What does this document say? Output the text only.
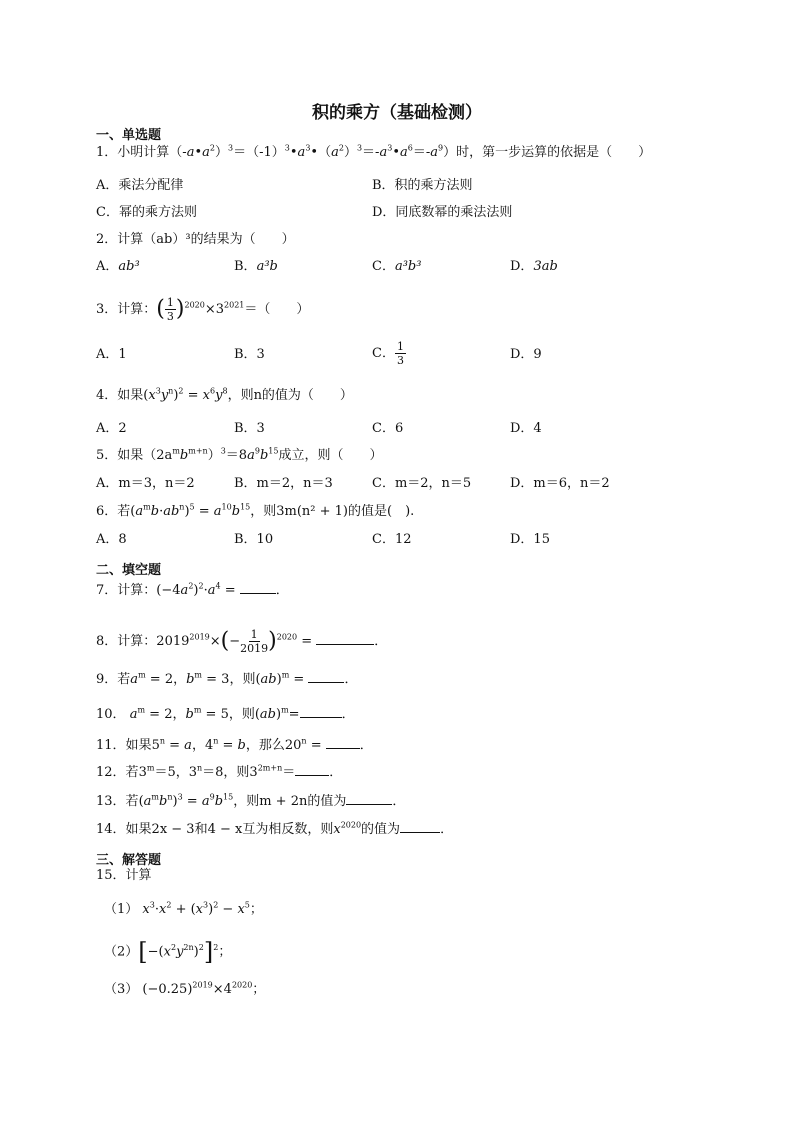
积的乘方（基础检测）
一、单选题
1．小明计算$(-a•a^2)^3=(-1)^3•a^3•(a^2)^3=-a^3•a^6=-a^9$）时，第一步运算的依据是（　　）
A．乘法分配律	B．积的乘方法则
C．幂的乘方法则	D．同底数幂的乘法法则
2．计算（ab）³的结果为（　　）
A．ab³	B．a³b	C．a³b³	D．3ab
3．计算：( $\frac{1}{3} )^{2020}\times 3^{2021}=$（　　）
A．1	B．3	C． $\frac{1}{3}$	D．9
4．如果$(x^3y^n)^2 = x^6y^8$，则n的值为（　　）
A．2	B．3	C．6	D．4
5．如果$(2a^mb^{m+n})^3=8a^9b^{15}$成立，则（　　）
A．m＝3，n＝2	B．m＝2，n＝3	C．m＝2，n＝5	D．m＝6，n＝2
6．若$(a^mb\cdot ab^n)^5 = a^{10}b^{15}$，则3m(n² + 1)的值是(　).
A．8	B．10	C．12	D．15
二、填空题
7．计算：$(-4a^2)^2\cdot a^4$ =	．
8．计算：$2019^{2019}\times(- \frac{1}{2019} )^{2020}$ =	．
9．若$a^m = 2$，$b^m = 3$，则(ab)$^m$ =	．
10． $a^m = 2$，$b^m = 5$，则(ab)$^m$=	．
11．如果$5^n = a$，$4^n = b$，那么$20^n$ =	．
12．若$3^m=5$，$3^n=8$，则$3^{2m+n}=$	．
13．若$(a^mb^n)^3 = a^9b^{15}$，则m + 2n的值为	．
14．如果2x − 3和4 − x互为相反数，则$x^{2020}$的值为	．
三、解答题
15．计算
（1） $x^3\cdot x^2 + (x^3)^2 - x^5$；
$(2)[-(x^2y^{2n})^2]^2$；
（3） $(-0.25)^{2019}\times 4^{2020}$；
